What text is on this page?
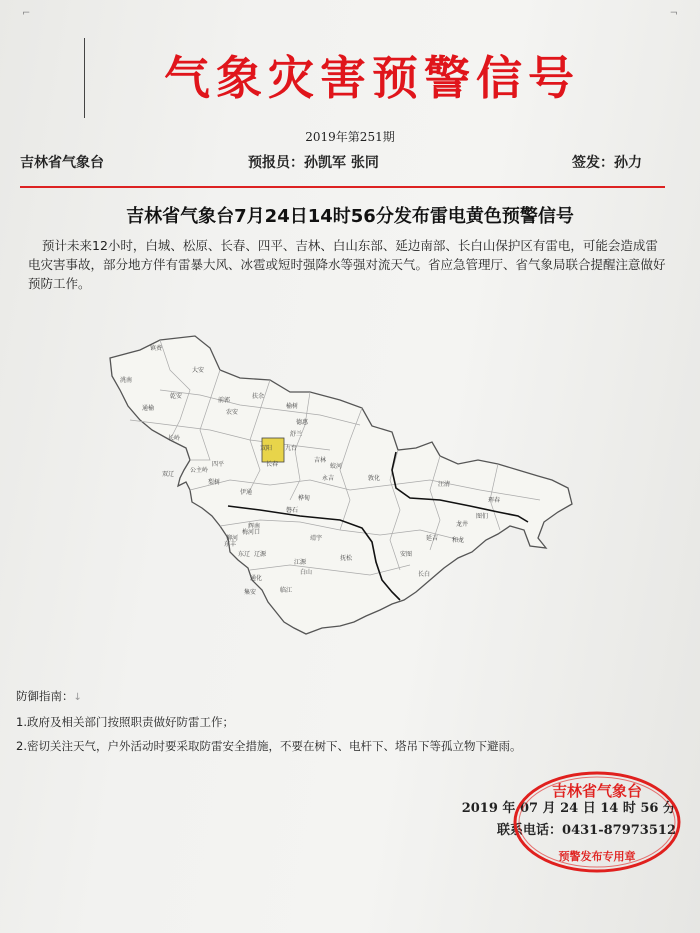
⌐	¬
气象灾害预警信号
2019年第251期
吉林省气象台	预报员：孙凯军 张同	签发：孙力
吉林省气象台7月24日14时56分发布雷电黄色预警信号
预计未来12小时，白城、松原、长春、四平、吉林、白山东部、延边南部、长白山保护区有雷电，可能会造成雷电灾害事故，部分地方伴有雷暴大风、冰雹或短时强降水等强对流天气。省应急管理厅、省气象局联合提醒注意做好预防工作。
镇赉
洮南
大安
通榆
乾安
前郭
扶余
榆树
长岭
农安
舒兰
双辽
公主岭
长春
九台
蛟河
敦化
汪清
珲春
图们
龙井
和龙
吉林
永吉
桦甸
磐石
伊通
梨树
辉南
柳河
梅河口
东丰
东辽 辽源
靖宇
抚松
江源
临江
白山
通化
集安
长白
安图
延吉
双阳
德惠
四平
防御指南：↓
1.政府及相关部门按照职责做好防雷工作；
2.密切关注天气，户外活动时要采取防雷安全措施，不要在树下、电杆下、塔吊下等孤立物下避雨。
2019 年 07 月 24 日 14 时 56 分
联系电话：0431-87973512
吉林省气象台
预警发布专用章
